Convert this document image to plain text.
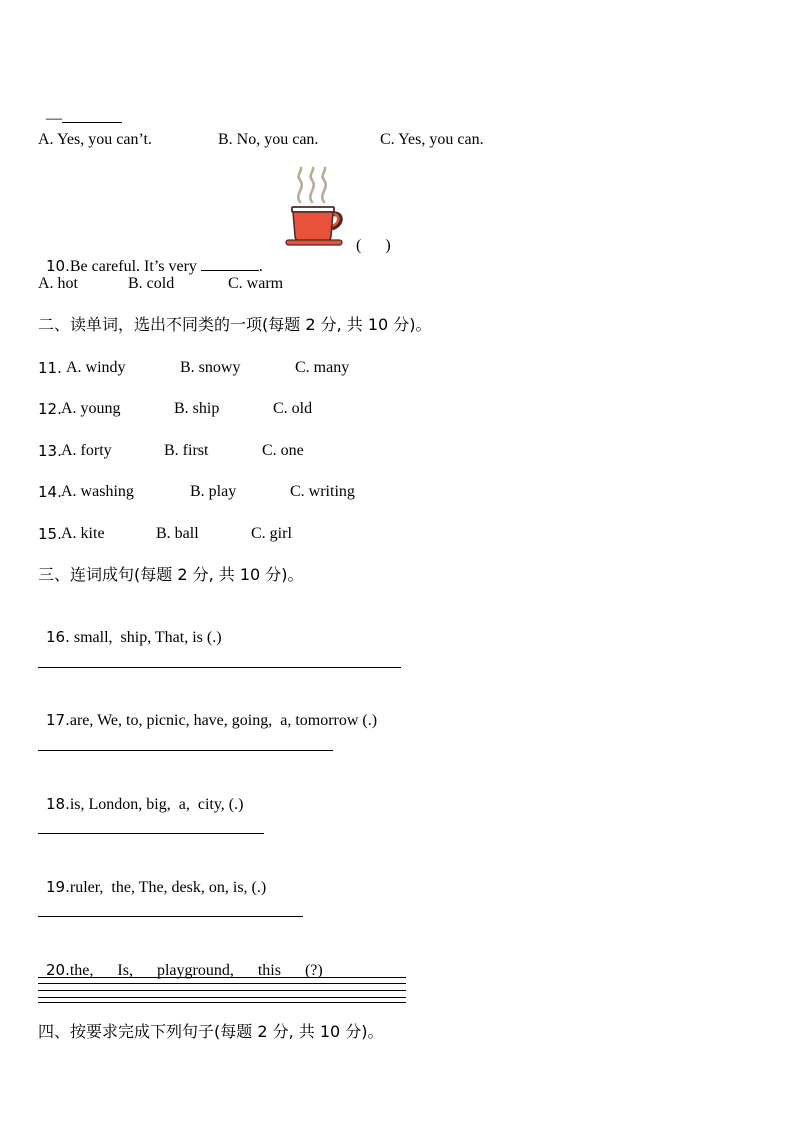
—

A. Yes, you can’t.	B. No, you can.	C. Yes, you can.

10.Be careful. It’s very	.

(      )
A. hot	B. cold	C. warm
二、读单词，选出不同类的一项(每题 2 分, 共 10 分)。
11. A. windy	B. snowy	C. many
12. A. young	B. ship	C. old
13. A. forty	B. first	C. one
14. A. washing	B. play	C. writing
15. A. kite	B. ball	C. girl
三、连词成句(每题 2 分, 共 10 分)。

16. small,  ship, That, is (.)

17.are, We, to, picnic, have, going,  a, tomorrow (.)

18.is, London, big,  a,  city, (.)

19.ruler,  the, The, desk, on, is, (.)

20.the,      Is,      playground,      this      (?)

四、按要求完成下列句子(每题 2 分, 共 10 分)。
